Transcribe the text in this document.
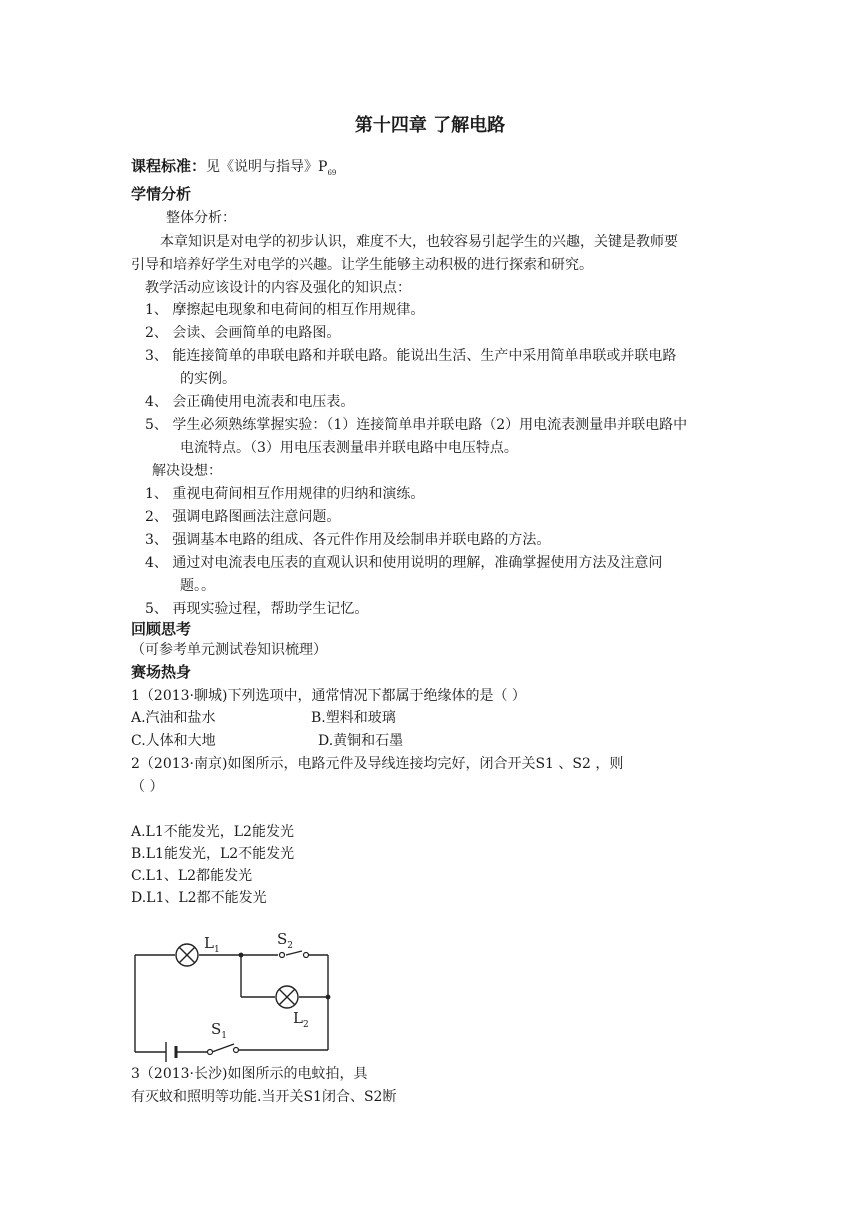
第十四章 了解电路
课程标准：见《说明与指导》$P_{69}$
学情分析
整体分析：
本章知识是对电学的初步认识，难度不大，也较容易引起学生的兴趣，关键是教师要
引导和培养好学生对电学的兴趣。让学生能够主动积极的进行探索和研究。
教学活动应该设计的内容及强化的知识点：
1、 摩擦起电现象和电荷间的相互作用规律。
2、 会读、会画简单的电路图。
3、 能连接简单的串联电路和并联电路。能说出生活、生产中采用简单串联或并联电路
的实例。
4、 会正确使用电流表和电压表。
5、 学生必须熟练掌握实验：（1）连接简单串并联电路（2）用电流表测量串并联电路中
电流特点。（3）用电压表测量串并联电路中电压特点。
解决设想：
1、 重视电荷间相互作用规律的归纳和演练。
2、 强调电路图画法注意问题。
3、 强调基本电路的组成、各元件作用及绘制串并联电路的方法。
4、 通过对电流表电压表的直观认识和使用说明的理解，准确掌握使用方法及注意问
题。。
5、 再现实验过程，帮助学生记忆。
回顾思考
（可参考单元测试卷知识梳理）
赛场热身
1（2013·聊城)下列选项中，通常情况下都属于绝缘体的是（ ）
A.汽油和盐水	B.塑料和玻璃
C.人体和大地	D.黄铜和石墨
2（2013·南京)如图所示，电路元件及导线连接均完好，闭合开关S1 、S2 ，则
（ ）
A.L1不能发光，L2能发光
B.L1能发光，L2不能发光
C.L1、L2都能发光
D.L1、L2都不能发光
$L_1$
$S_2$
$L_2$
$S_1$
3（2013·长沙)如图所示的电蚊拍，具
有灭蚊和照明等功能.当开关S1闭合、S2断
